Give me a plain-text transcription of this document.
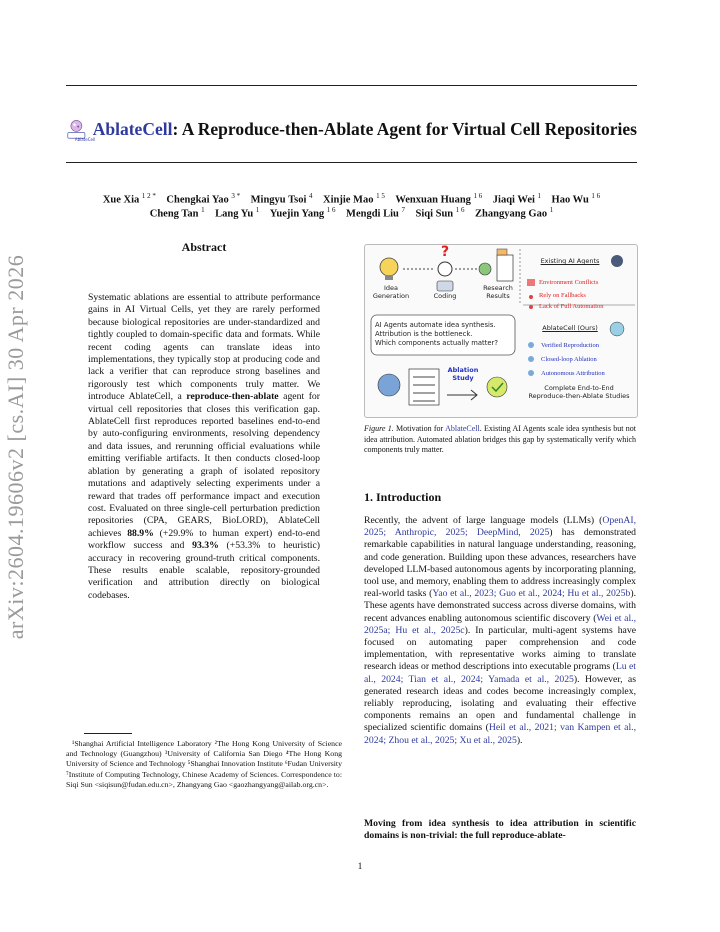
AblateCell: A Reproduce-then-Ablate Agent for Virtual Cell Repositories
AblateCell
Xue Xia $^{1 2 *}$  Chengkai Yao $^{3 *}$  Mingyu Tsoi $^4$  Xinjie Mao $^{1 5}$  Wenxuan Huang $^{1 6}$  Jiaqi Wei $^1$  Hao Wu $^{1 6}$
Cheng Tan $^1$  Lang Yu $^1$  Yuejin Yang $^{1 6}$  Mengdi Liu $^7$  Siqi Sun $^{1 6}$  Zhangyang Gao $^1$
arXiv:2604.19606v2 [cs.AI] 30 Apr 2026
Abstract
Systematic ablations are essential to attribute performance gains in AI Virtual Cells, yet they are rarely performed because biological repositories are under-standardized and tightly coupled to domain-specific data and formats. While recent coding agents can translate ideas into implementations, they typically stop at producing code and lack a verifier that can reproduce strong baselines and rigorously test which components truly matter. We introduce AblateCell, a reproduce-then-ablate agent for virtual cell repositories that closes this verification gap. AblateCell first reproduces reported baselines end-to-end by auto-configuring environments, resolving dependency and data issues, and rerunning official evaluations while emitting verifiable artifacts. It then conducts closed-loop ablation by generating a graph of isolated repository mutations and adaptively selecting experiments under a reward that trades off performance impact and execution cost. Evaluated on three single-cell perturbation prediction repositories (CPA, GEARS, BioLORD), AblateCell achieves 88.9% (+29.9% to human expert) end-to-end workflow success and 93.3% (+53.3% to heuristic) accuracy in recovering ground-truth critical components. These results enable scalable, repository-grounded verification and attribution directly on biological codebases.
¹Shanghai Artificial Intelligence Laboratory ²The Hong Kong University of Science and Technology (Guangzhou) ³University of California San Diego ⁴The Hong Kong University of Science and Technology ⁵Shanghai Innovation Institute ⁶Fudan University ⁷Institute of Computing Technology, Chinese Academy of Sciences. Correspondence to: Siqi Sun <siqisun@fudan.edu.cn>, Zhangyang Gao <gaozhangyang@ailab.org.cn>.
?
Idea
Generation	Coding
Research
Results
Existing AI Agents
Environment Conflicts
Rely on Fallbacks
Lack of Full Automation
AI Agents automate idea synthesis.
Attribution is the bottleneck.
Which components actually matter?
AblateCell (Ours)
Verified Reproduction
Closed-loop Ablation
Autonomous Attribution
Ablation
Study
Complete End-to-End
Reproduce-then-Ablate Studies
Figure 1. Motivation for AblateCell. Existing AI Agents scale idea synthesis but not idea attribution. Automated ablation bridges this gap by systematically verify which components truly matter.
1. Introduction
Recently, the advent of large language models (LLMs) (OpenAI, 2025; Anthropic, 2025; DeepMind, 2025) has demonstrated remarkable capabilities in natural language understanding, reasoning, and code generation. Building upon these advances, researchers have developed LLM-based autonomous agents by incorporating planning, tool use, and memory, enabling them to address increasingly complex real-world tasks (Yao et al., 2023; Guo et al., 2024; Hu et al., 2025b). These agents have demonstrated success across diverse domains, with recent advances enabling autonomous scientific discovery (Wei et al., 2025a; Hu et al., 2025c). In particular, multi-agent systems have focused on automating paper comprehension and code implementation, with representative works aiming to translate research ideas or method descriptions into executable programs (Lu et al., 2024; Tian et al., 2024; Yamada et al., 2025). However, as generated research ideas and codes become increasingly complex, reliably reproducing, isolating and evaluating their effective components remains an open and fundamental challenge in specialized scientific domains (Heil et al., 2021; van Kampen et al., 2024; Zhou et al., 2025; Xu et al., 2025).
Moving from idea synthesis to idea attribution in scientific domains is non-trivial: the full reproduce-ablate-
1
